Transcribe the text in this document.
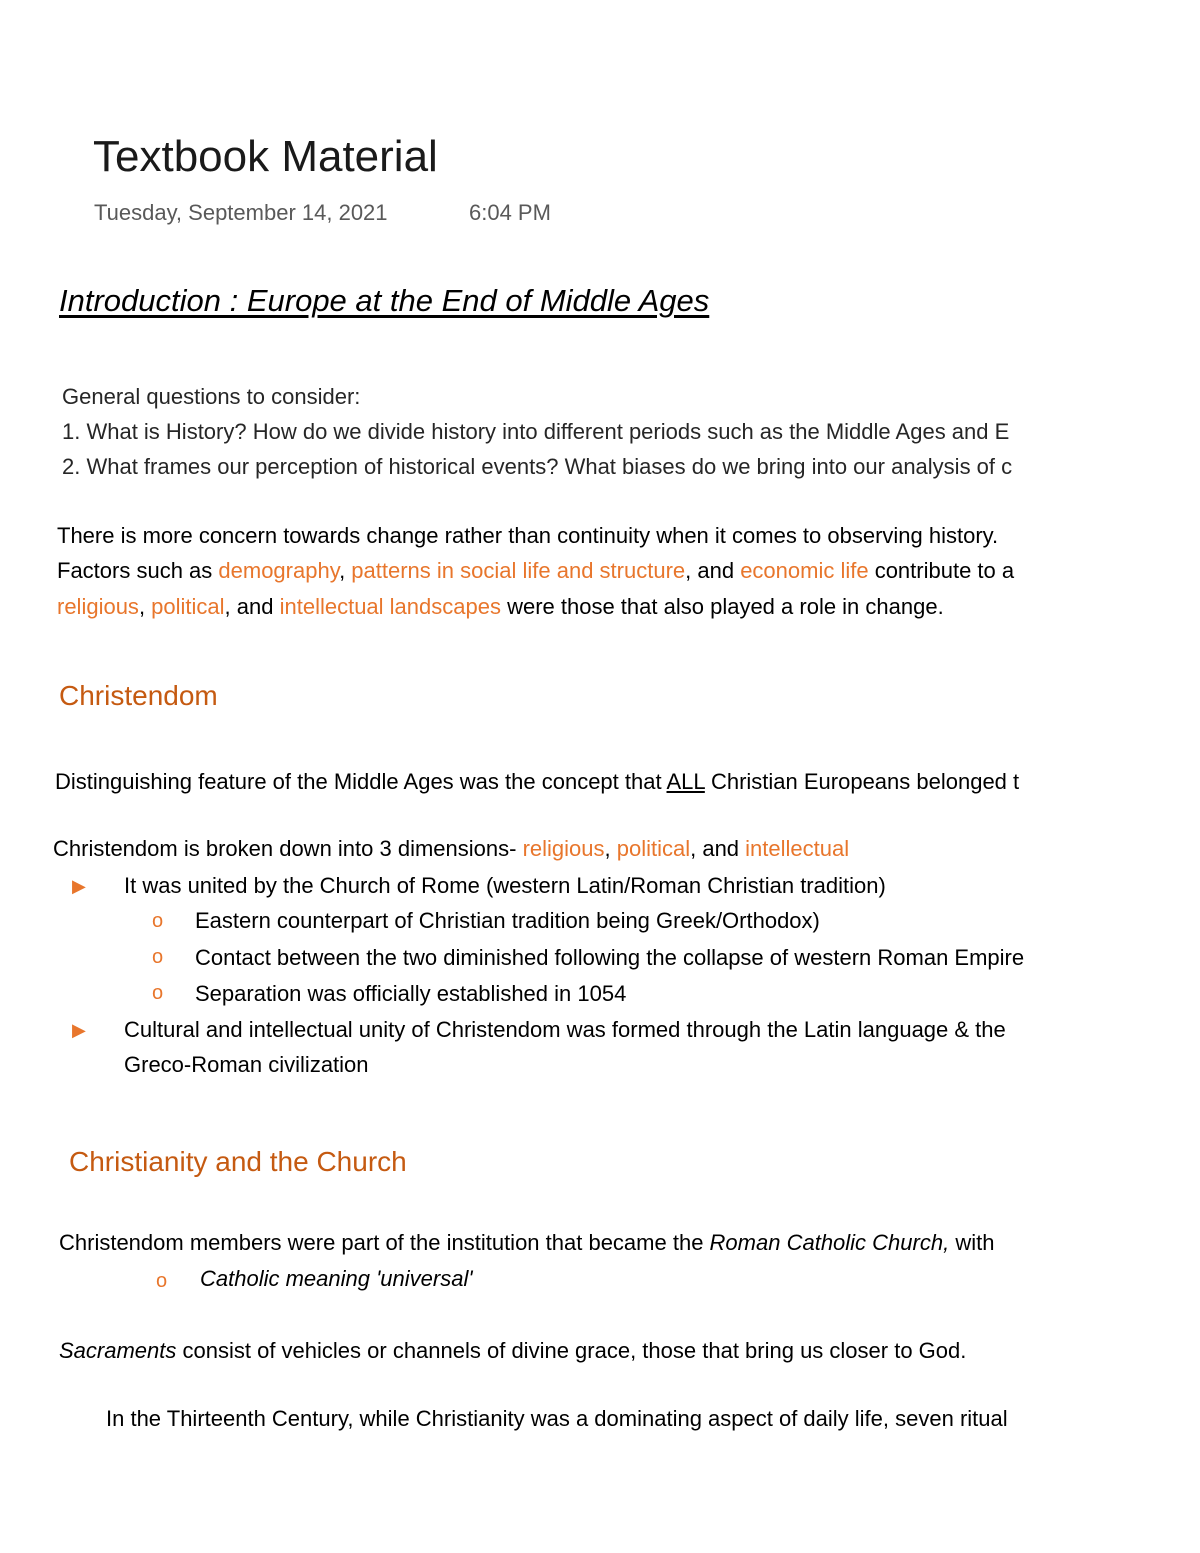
Textbook Material
Tuesday, September 14, 2021	6:04 PM
Introduction : Europe at the End of Middle Ages
General questions to consider:
1. What is History? How do we divide history into different periods such as the Middle Ages and E
2. What frames our perception of historical events? What biases do we bring into our analysis of c
There is more concern towards change rather than continuity when it comes to observing history.
Factors such as demography, patterns in social life and structure, and economic life contribute to a
religious, political, and intellectual landscapes were those that also played a role in change.
Christendom
Distinguishing feature of the Middle Ages was the concept that ALL Christian Europeans belonged t
Christendom is broken down into 3 dimensions- religious, political, and intellectual
▶ It was united by the Church of Rome (western Latin/Roman Christian tradition)
o Eastern counterpart of Christian tradition being Greek/Orthodox)
o Contact between the two diminished following the collapse of western Roman Empire
o Separation was officially established in 1054
▶ Cultural and intellectual unity of Christendom was formed through the Latin language & the
Greco-Roman civilization
Christianity and the Church
Christendom members were part of the institution that became the Roman Catholic Church, with
o Catholic meaning 'universal'
Sacraments consist of vehicles or channels of divine grace, those that bring us closer to God.
In the Thirteenth Century, while Christianity was a dominating aspect of daily life, seven ritual
